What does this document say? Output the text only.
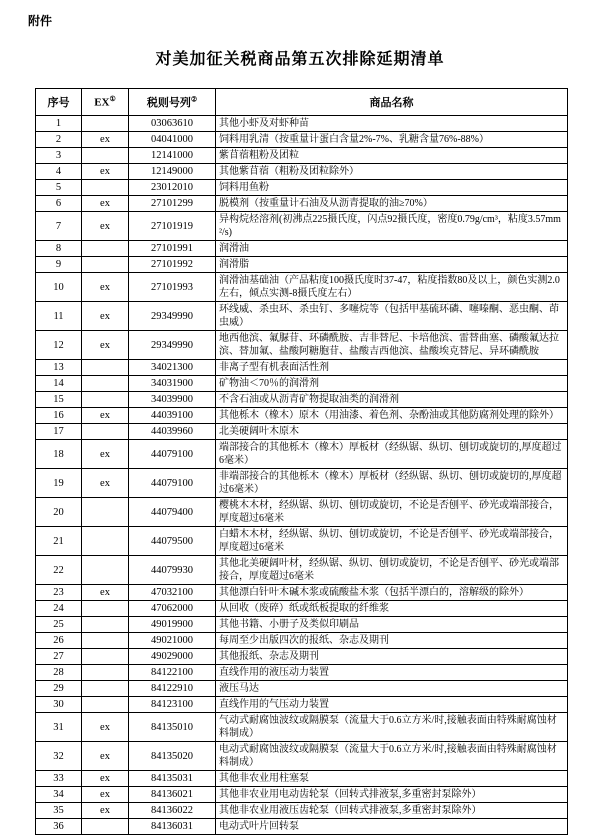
附件
对美加征关税商品第五次排除延期清单
序号	EX①	税则号列②	商品名称
1		03063610	其他小虾及对虾种苗
2	ex	04041000	饲料用乳清（按重量计蛋白含量2%-7%、乳糖含量76%-88%）
3		12141000	紫苜蓿粗粉及团粒
4	ex	12149000	其他紫苜蓿（粗粉及团粒除外）
5		23012010	饲料用鱼粉
6	ex	27101299	脱模剂（按重量计石油及从沥青提取的油≥70%）
7	ex	27101919	异构烷烃溶剂(初沸点225摄氏度，闪点92摄氏度，密度0.79g/cm³，粘度3.57mm²/s)
8		27101991	润滑油
9		27101992	润滑脂
10	ex	27101993	润滑油基础油（产品粘度100摄氏度时37-47，粘度指数80及以上，颜色实测2.0左右，倾点实测-8摄氏度左右）
11	ex	29349990	环线威、杀虫环、杀虫钉、多噻烷等（包括甲基硫环磷、噻嗪酮、恶虫酮、茚虫威）
12	ex	29349990	地西他滨、氟脲苷、环磷酰胺、吉非替尼、卡培他滨、雷替曲塞、磷酸氟达拉滨、替加氟、盐酸阿糖胞苷、盐酸吉西他滨、盐酸埃克替尼、异环磷酰胺
13		34021300	非离子型有机表面活性剂
14		34031900	矿物油＜70％的润滑剂
15		34039900	不含石油或从沥青矿物提取油类的润滑剂
16	ex	44039100	其他栎木（橡木）原木（用油漆、着色剂、杂酚油或其他防腐剂处理的除外）
17		44039960	北美硬阔叶木原木
18	ex	44079100	端部接合的其他栎木（橡木）厚板材（经纵锯、纵切、刨切或旋切的,厚度超过6毫米）
19	ex	44079100	非端部接合的其他栎木（橡木）厚板材（经纵锯、纵切、刨切或旋切的,厚度超过6毫米）
20		44079400	樱桃木木材，经纵锯、纵切、刨切或旋切，不论是否刨平、砂光或端部接合，厚度超过6毫米
21		44079500	白蜡木木材，经纵锯、纵切、刨切或旋切，不论是否刨平、砂光或端部接合，厚度超过6毫米
22		44079930	其他北美硬阔叶材，经纵锯、纵切、刨切或旋切，不论是否刨平、砂光或端部接合，厚度超过6毫米
23	ex	47032100	其他漂白针叶木碱木浆或硫酸盐木浆（包括半漂白的，溶解级的除外）
24		47062000	从回收（废碎）纸或纸板提取的纤维浆
25		49019900	其他书籍、小册子及类似印刷品
26		49021000	每周至少出版四次的报纸、杂志及期刊
27		49029000	其他报纸、杂志及期刊
28		84122100	直线作用的液压动力装置
29		84122910	液压马达
30		84123100	直线作用的气压动力装置
31	ex	84135010	气动式耐腐蚀波纹或隔膜泵（流量大于0.6立方米/时,接触表面由特殊耐腐蚀材料制成）
32	ex	84135020	电动式耐腐蚀波纹或隔膜泵（流量大于0.6立方米/时,接触表面由特殊耐腐蚀材料制成）
33	ex	84135031	其他非农业用柱塞泵
34	ex	84136021	其他非农业用电动齿轮泵（回转式排液泵,多重密封泵除外）
35	ex	84136022	其他非农业用液压齿轮泵（回转式排液泵,多重密封泵除外）
36		84136031	电动式叶片回转泵
